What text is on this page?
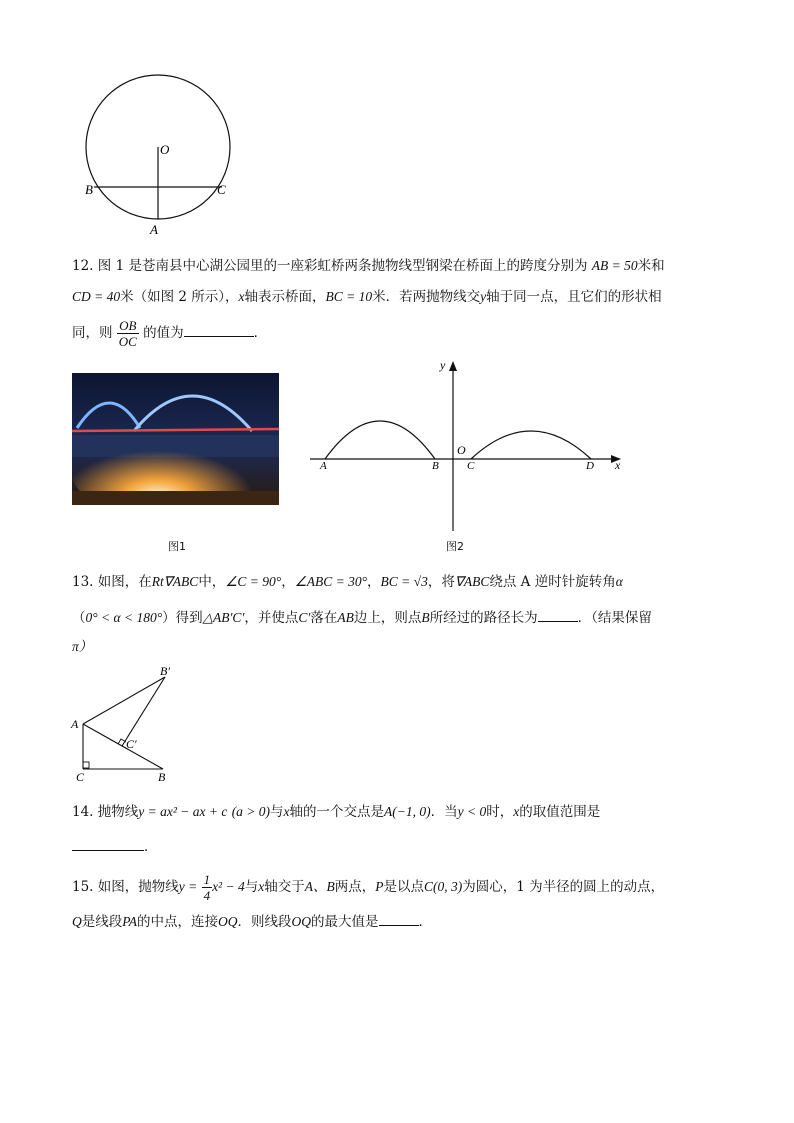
O
B	C
A
12. 图 1 是苍南县中心湖公园里的一座彩虹桥两条抛物线型钢梁在桥面上的跨度分别为 AB = 50米和
CD = 40米（如图 2 所示），x轴表示桥面，BC = 10米．若两抛物线交y轴于同一点，且它们的形状相
同，则 $\frac{OB}{OC}$ 的值为	．
图1
y
x
O
A	B	C	D
图2
13. 如图，在Rt∇ABC中，∠C = 90°，∠ABC = 30°，BC = √3，将∇ABC绕点 A 逆时针旋转角α
（0° < α < 180°）得到△AB′C′，并使点C′落在AB边上，则点B所经过的路径长为	．（结果保留
π）
A
C	B
B′
C′
14. 抛物线y = ax² − ax + c (a > 0)与x轴的一个交点是A(−1, 0)．当y < 0时，x的取值范围是
．
15. 如图，抛物线$y = \frac{1}{4} x^2 - 4$与x轴交于A、B两点，P是以点C(0, 3)为圆心，1 为半径的圆上的动点，
Q是线段PA的中点，连接OQ．则线段OQ的最大值是	．
